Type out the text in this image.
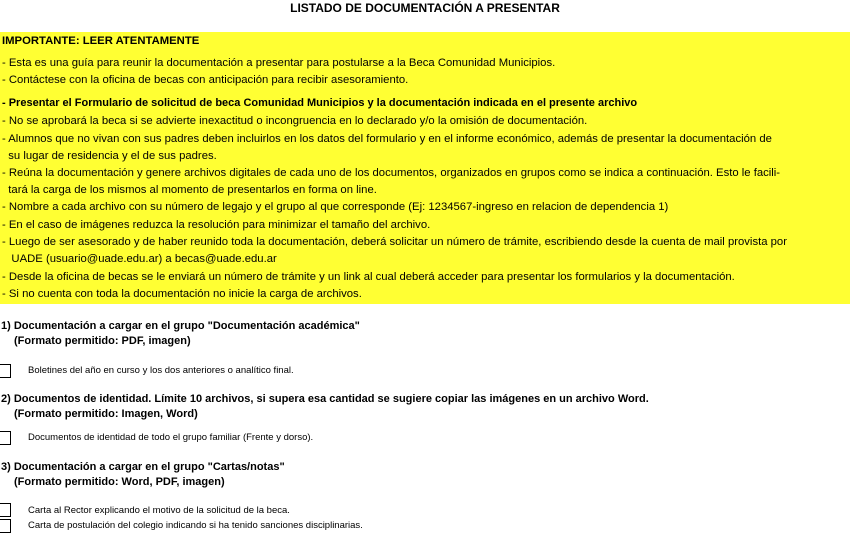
LISTADO DE DOCUMENTACIÓN A PRESENTAR
IMPORTANTE: LEER ATENTAMENTE
- Esta es una guía para reunir la documentación a presentar para postularse a la Beca Comunidad Municipios.
- Contáctese con la oficina de becas con anticipación para recibir asesoramiento.
- Presentar el Formulario de solicitud de beca Comunidad Municipios y la documentación indicada en el presente archivo
- No se aprobará la beca si se advierte inexactitud o incongruencia en lo declarado y/o la omisión de documentación.
- Alumnos que no vivan con sus padres deben incluirlos en los datos del formulario y en el informe económico, además de presentar la documentación de
su lugar de residencia y el de sus padres.
- Reúna la documentación y genere archivos digitales de cada uno de los documentos, organizados en grupos como se indica a continuación. Esto le facili-
tará la carga de los mismos al momento de presentarlos en forma on line.
- Nombre a cada archivo con su número de legajo y el grupo al que corresponde (Ej: 1234567-ingreso en relacion de dependencia 1)
- En el caso de imágenes reduzca la resolución para minimizar el tamaño del archivo.
- Luego de ser asesorado y de haber reunido toda la documentación, deberá solicitar un número de trámite, escribiendo desde la cuenta de mail provista por
UADE (usuario@uade.edu.ar) a becas@uade.edu.ar
- Desde la oficina de becas se le enviará un número de trámite y un link al cual deberá acceder para presentar los formularios y la documentación.
- Si no cuenta con toda la documentación no inicie la carga de archivos.
1) Documentación a cargar en el grupo "Documentación académica"
(Formato permitido: PDF, imagen)
Boletines del año en curso y los dos anteriores o analítico final.
2) Documentos de identidad. Límite 10 archivos, si supera esa cantidad se sugiere copiar las imágenes en un archivo Word.
(Formato permitido: Imagen, Word)
Documentos de identidad de todo el grupo familiar (Frente y dorso).
3) Documentación a cargar en el grupo "Cartas/notas"
(Formato permitido: Word, PDF, imagen)
Carta al Rector explicando el motivo de la solicitud de la beca.
Carta de postulación del colegio indicando si ha tenido sanciones disciplinarias.
